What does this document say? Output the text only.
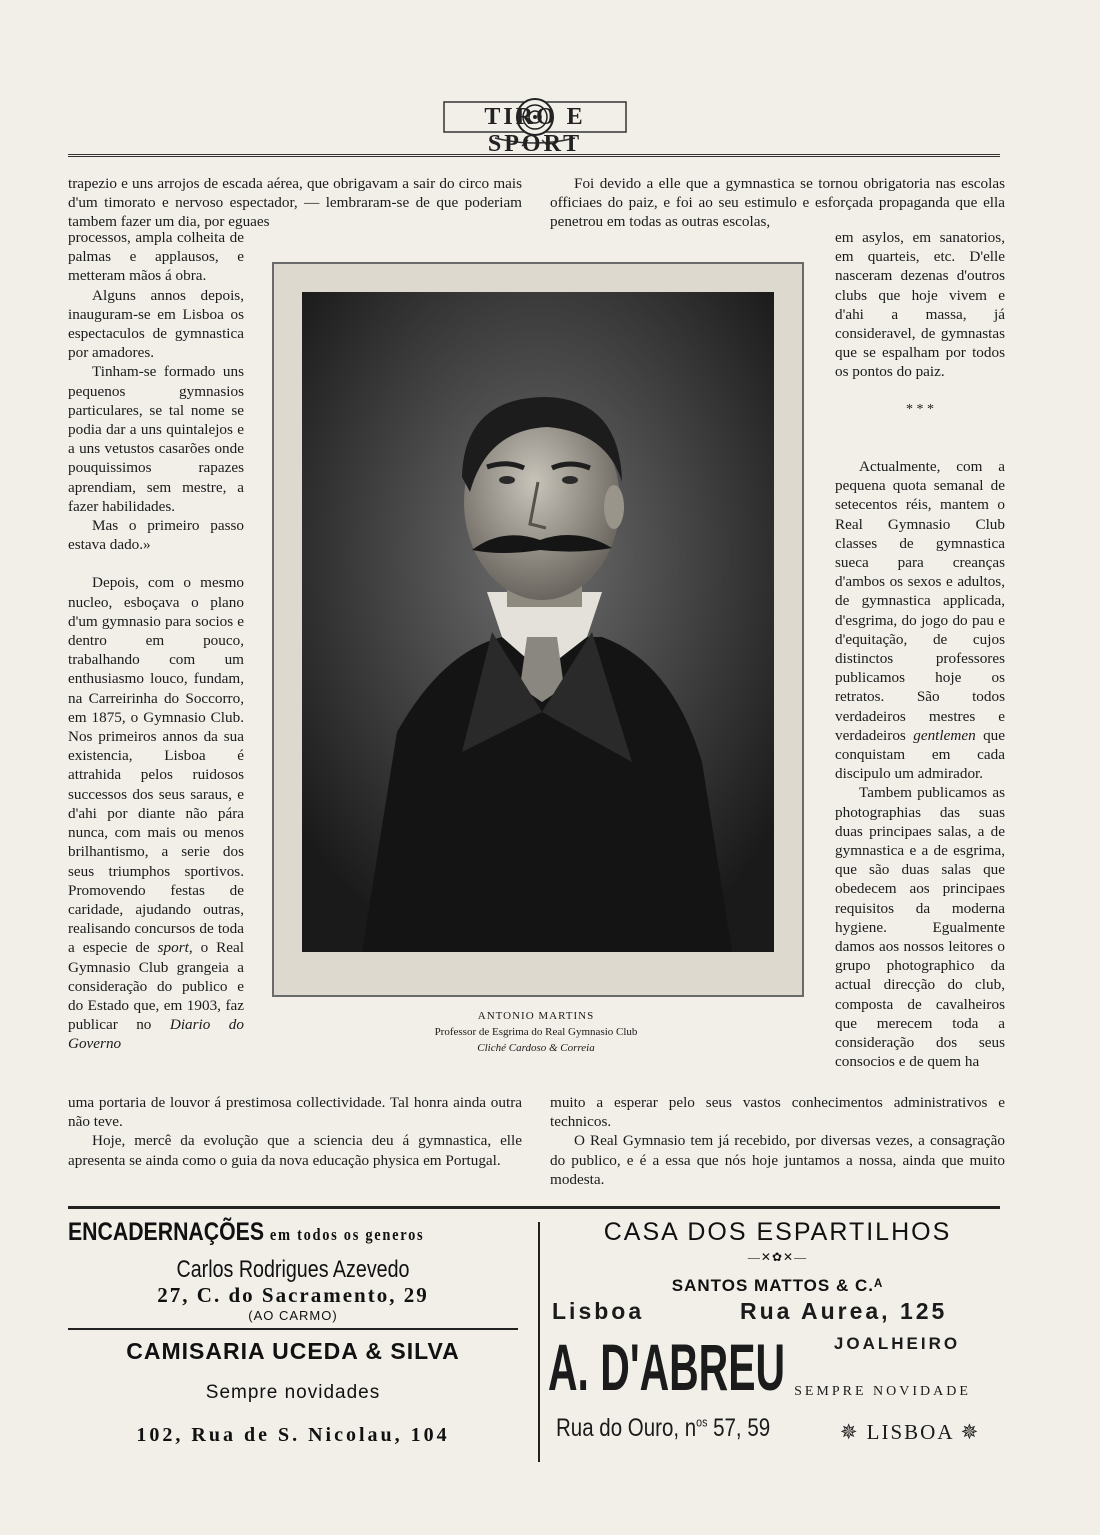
TIRO E SPORT

trapezio e uns arrojos de escada aérea, que obrigavam a sair do circo mais d'um timorato e nervoso espectador, — lembraram-se de que poderiam tambem fazer um dia, por eguaes

processos, ampla colheita de palmas e applausos, e metteram mãos á obra.

Alguns annos depois, inauguram-se em Lisboa os espectaculos de gymnastica por amadores.

Tinham-se formado uns pequenos gymnasios particulares, se tal nome se podia dar a uns quintalejos e a uns vetustos casarões onde pouquissimos rapazes aprendiam, sem mestre, a fazer habilidades.

Mas o primeiro passo estava dado.»

Depois, com o mesmo nucleo, esboçava o plano d'um gymnasio para socios e dentro em pouco, trabalhando com um enthusiasmo louco, fundam, na Carreirinha do Soccorro, em 1875, o Gymnasio Club. Nos primeiros annos da sua existencia, Lisboa é attrahida pelos ruidosos successos dos seus saraus, e d'ahi por diante não pára nunca, com mais ou menos brilhantismo, a serie dos seus triumphos sportivos. Promovendo festas de caridade, ajudando outras, realisando concursos de toda a especie de sport, o Real Gymnasio Club grangeia a consideração do publico e do Estado que, em 1903, faz publicar no Diario do Governo

uma portaria de louvor á prestimosa collectividade. Tal honra ainda outra não teve.

Hoje, mercê da evolução que a sciencia deu á gymnastica, elle apresenta se ainda como o guia da nova educação physica em Portugal.

Foi devido a elle que a gymnastica se tornou obrigatoria nas escolas officiaes do paiz, e foi ao seu estimulo e esforçada propaganda que ella penetrou em todas as outras escolas,

em asylos, em sanatorios, em quarteis, etc. D'elle nasceram dezenas d'outros clubs que hoje vivem e d'ahi a massa, já consideravel, de gymnastas que se espalham por todos os pontos do paiz.

* * *

Actualmente, com a pequena quota semanal de setecentos réis, mantem o Real Gymnasio Club classes de gymnastica sueca para creanças d'ambos os sexos e adultos, de gymnastica applicada, d'esgrima, do jogo do pau e d'equitação, de cujos distinctos professores publicamos hoje os retratos. São todos verdadeiros mestres e verdadeiros gentlemen que conquistam em cada discipulo um admirador.

Tambem publicamos as photographias das suas duas principaes salas, a de gymnastica e a de esgrima, que são duas salas que obedecem aos principaes requisitos da moderna hygiene. Egualmente damos aos nossos leitores o grupo photographico da actual direcção do club, composta de cavalheiros que merecem toda a consideração dos seus consocios e de quem ha

muito a esperar pelo seus vastos conhecimentos administrativos e technicos.

O Real Gymnasio tem já recebido, por diversas vezes, a consagração do publico, e é a essa que nós hoje juntamos a nossa, ainda que muito modesta.

ANTONIO MARTINS
Professor de Esgrima do Real Gymnasio Club
Cliché Cardoso & Correia
ENCADERNAÇÕES em todos os generos
Carlos Rodrigues Azevedo
27, C. do Sacramento, 29
(AO CARMO)
CAMISARIA UCEDA & SILVA
Sempre novidades
102, Rua de S. Nicolau, 104
CASA DOS ESPARTILHOS
—✕✿✕—
SANTOS MATTOS & C.ᴬ
Lisboa	Rua Aurea, 125
A. D'ABREU	JOALHEIRO
SEMPRE NOVIDADE
Rua do Ouro, $n^{os}$ 57, 59	✵ LISBOA ✵
